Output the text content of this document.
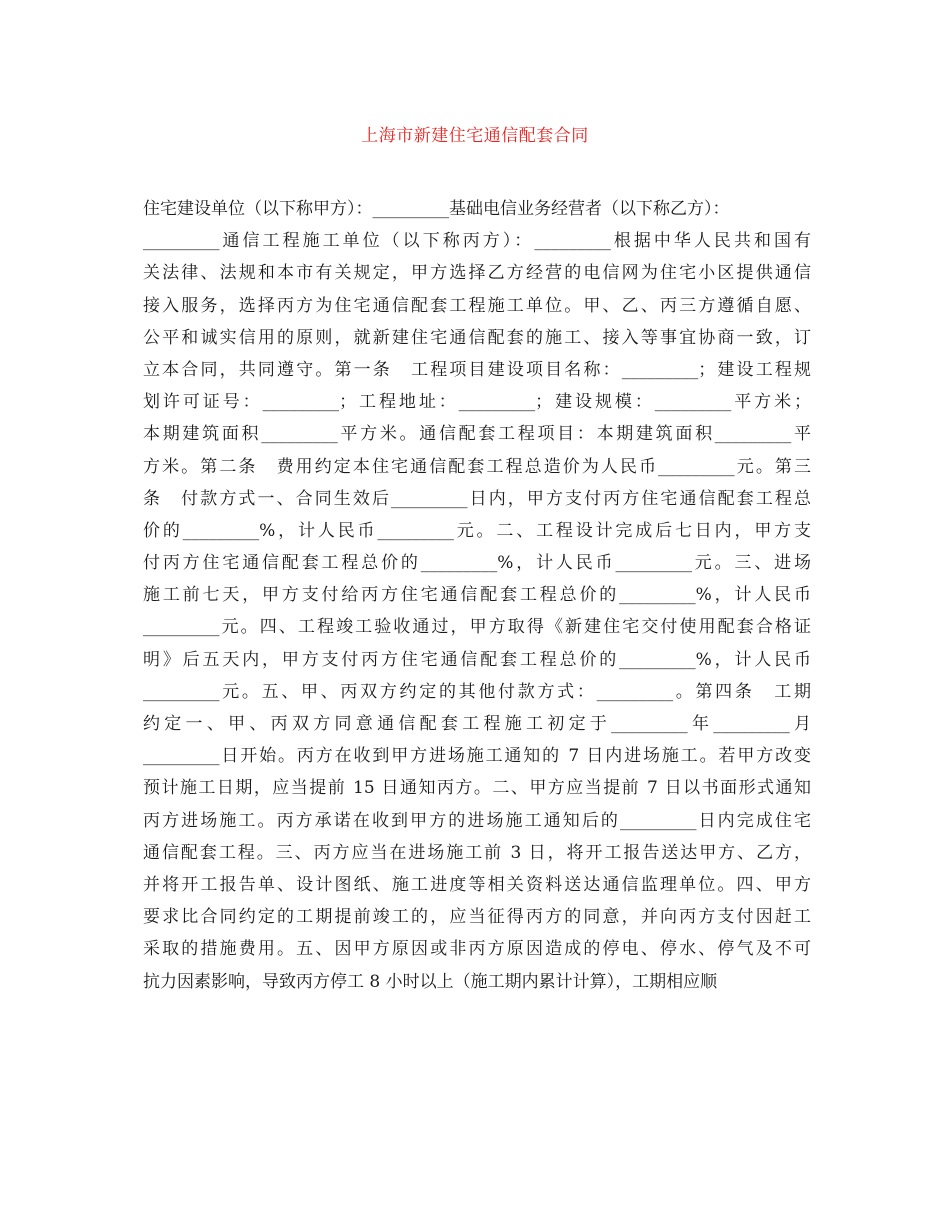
上海市新建住宅通信配套合同
住宅建设单位（以下称甲方）：_________基础电信业务经营者（以下称乙方）：
_________通信工程施工单位（以下称丙方）：_________根据中华人民共和国有
关法律、法规和本市有关规定，甲方选择乙方经营的电信网为住宅小区提供通信
接入服务，选择丙方为住宅通信配套工程施工单位。甲、乙、丙三方遵循自愿、
公平和诚实信用的原则，就新建住宅通信配套的施工、接入等事宜协商一致，订
立本合同，共同遵守。第一条　工程项目建设项目名称：_________；建设工程规
划许可证号：_________；工程地址：_________；建设规模：_________平方米；
本期建筑面积_________平方米。通信配套工程项目：本期建筑面积_________平
方米。第二条　费用约定本住宅通信配套工程总造价为人民币_________元。第三
条　付款方式一、合同生效后_________日内，甲方支付丙方住宅通信配套工程总
价的_________%，计人民币_________元。二、工程设计完成后七日内，甲方支
付丙方住宅通信配套工程总价的_________%，计人民币_________元。三、进场
施工前七天，甲方支付给丙方住宅通信配套工程总价的_________%，计人民币
_________元。四、工程竣工验收通过，甲方取得《新建住宅交付使用配套合格证
明》后五天内，甲方支付丙方住宅通信配套工程总价的_________%，计人民币
_________元。五、甲、丙双方约定的其他付款方式：_________。第四条　工期
约定一、甲、丙双方同意通信配套工程施工初定于_________年_________月
_________日开始。丙方在收到甲方进场施工通知的 7 日内进场施工。若甲方改变
预计施工日期，应当提前 15 日通知丙方。二、甲方应当提前 7 日以书面形式通知
丙方进场施工。丙方承诺在收到甲方的进场施工通知后的_________日内完成住宅
通信配套工程。三、丙方应当在进场施工前 3 日，将开工报告送达甲方、乙方，
并将开工报告单、设计图纸、施工进度等相关资料送达通信监理单位。四、甲方
要求比合同约定的工期提前竣工的，应当征得丙方的同意，并向丙方支付因赶工
采取的措施费用。五、因甲方原因或非丙方原因造成的停电、停水、停气及不可
抗力因素影响，导致丙方停工 8 小时以上（施工期内累计计算），工期相应顺
